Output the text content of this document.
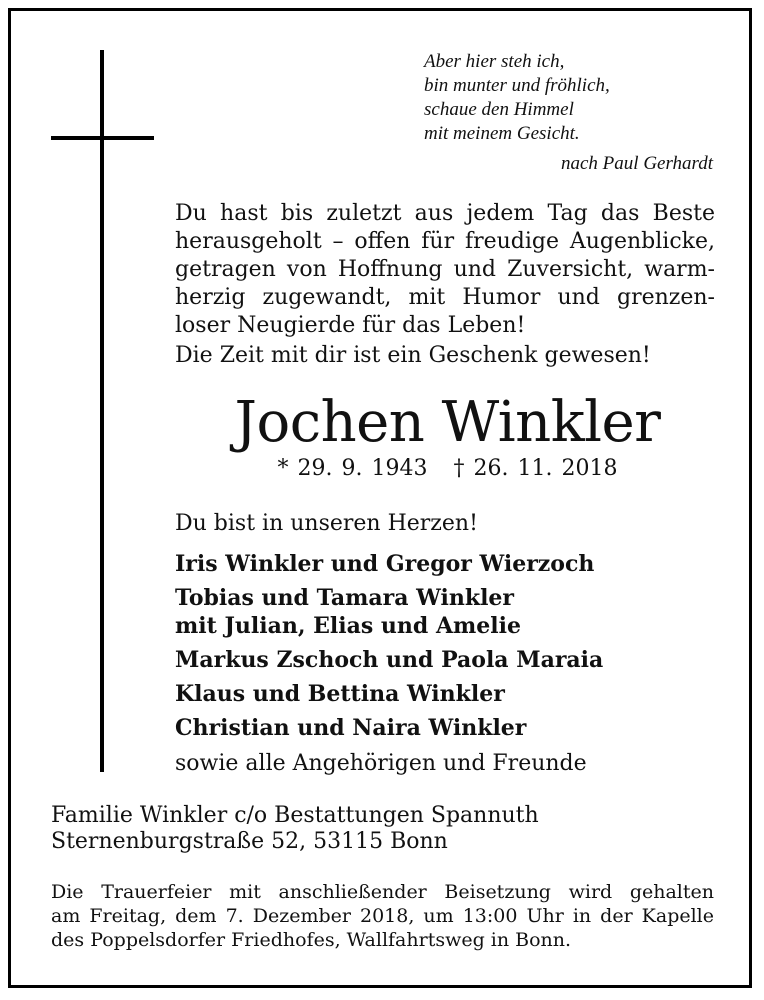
Aber hier steh ich,
bin munter und fröhlich,
schaue den Himmel
mit meinem Gesicht.
nach Paul Gerhardt
Du hast bis zuletzt aus jedem Tag das Beste
herausgeholt – offen für freudige Augenblicke,
getragen von Hoffnung und Zuversicht, warm-
herzig zugewandt, mit Humor und grenzen-
loser Neugierde für das Leben!
Die Zeit mit dir ist ein Geschenk gewesen!
Jochen Winkler
* 29. 9. 1943 † 26. 11. 2018
Du bist in unseren Herzen!
Iris Winkler und Gregor Wierzoch
Tobias und Tamara Winkler
mit Julian, Elias und Amelie
Markus Zschoch und Paola Maraia
Klaus und Bettina Winkler
Christian und Naira Winkler
sowie alle Angehörigen und Freunde
Familie Winkler c/o Bestattungen Spannuth
Sternenburgstraße 52, 53115 Bonn
Die Trauerfeier mit anschließender Beisetzung wird gehalten
am Freitag, dem 7. Dezember 2018, um 13:00 Uhr in der Kapelle
des Poppelsdorfer Friedhofes, Wallfahrtsweg in Bonn.
